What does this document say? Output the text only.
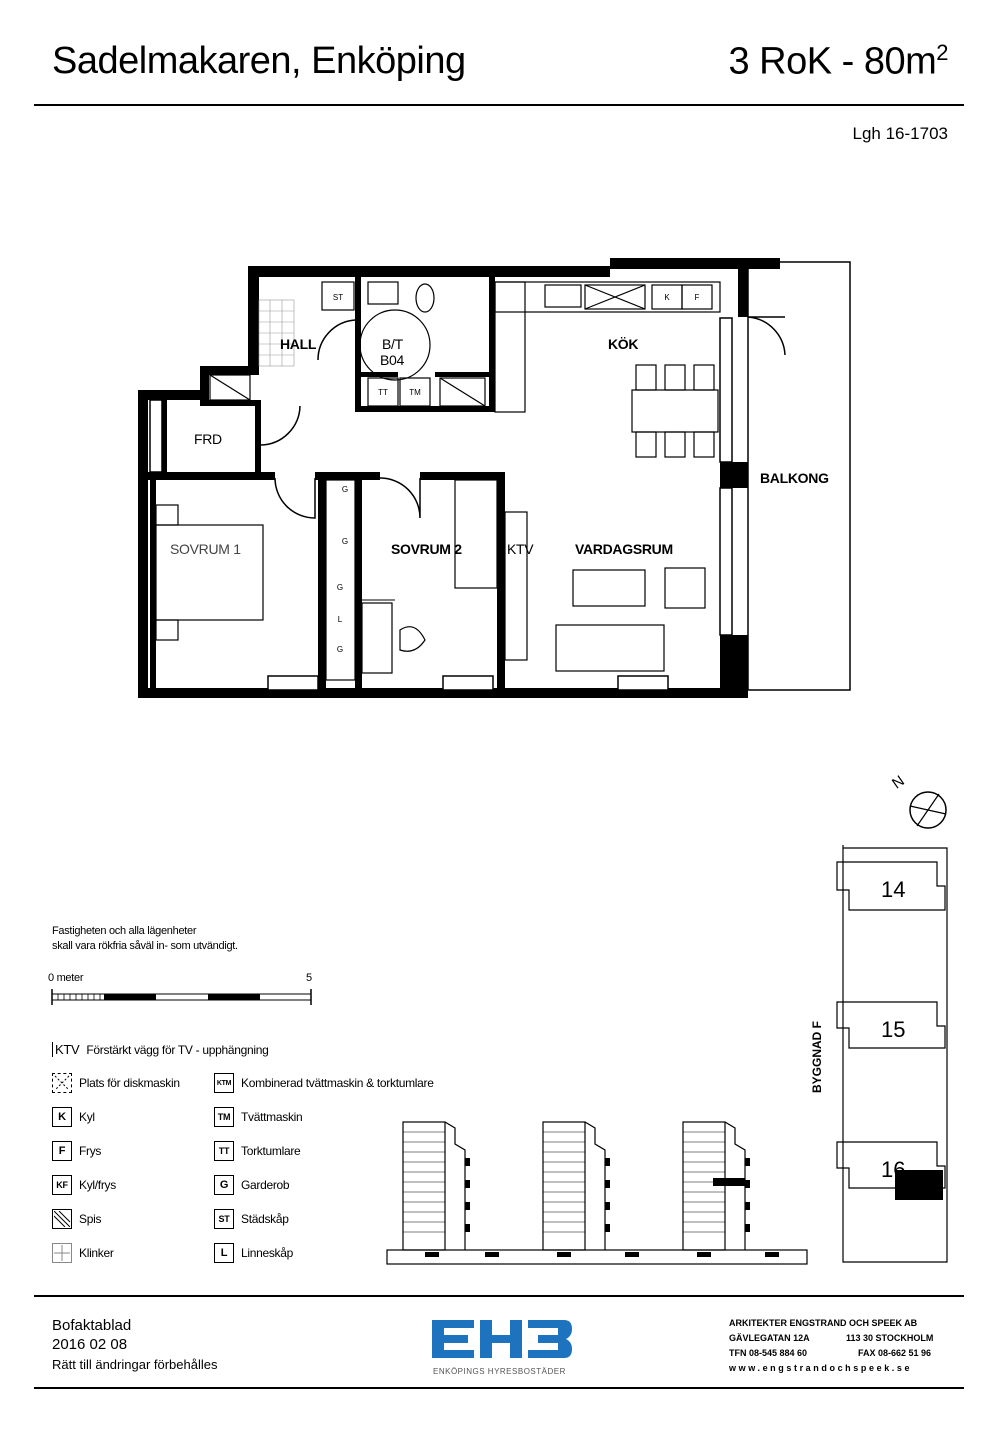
Sadelmakaren, Enköping	3 RoK - $80m^2$
Lgh 16-1703
ST
TT	TM
K	F
G
G
G
L
G
HALL	B/T
B04
KÖK
FRD
BALKONG
SOVRUM 1	SOVRUM 2	KTV	VARDAGSRUM
Fastigheten och alla lägenheter
skall vara rökfria såväl in- som utvändigt.
0 meter	5
KTV Förstärkt vägg för TV - upphängning
Plats för diskmaskin	KTM Kombinerad tvättmaskin & torktumlare
K	Kyl	TM Tvättmaskin
F	Frys	TT Torktumlare
KF Kyl/frys	G	Garderob
Spis	ST Städskåp
Klinker	L	Linneskåp
N
14
15
16
BYGGNAD F
Bofaktablad
2016 02 08
Rätt till ändringar förbehålles	ENKÖPINGS HYRESBOSTÄDER
ARKITEKTER ENGSTRAND OCH SPEEK AB
GÄVLEGATAN 12A	113 30 STOCKHOLM
TFN 08-545 884 60	FAX 08-662 51 96
www.engstrandochspeek.se
